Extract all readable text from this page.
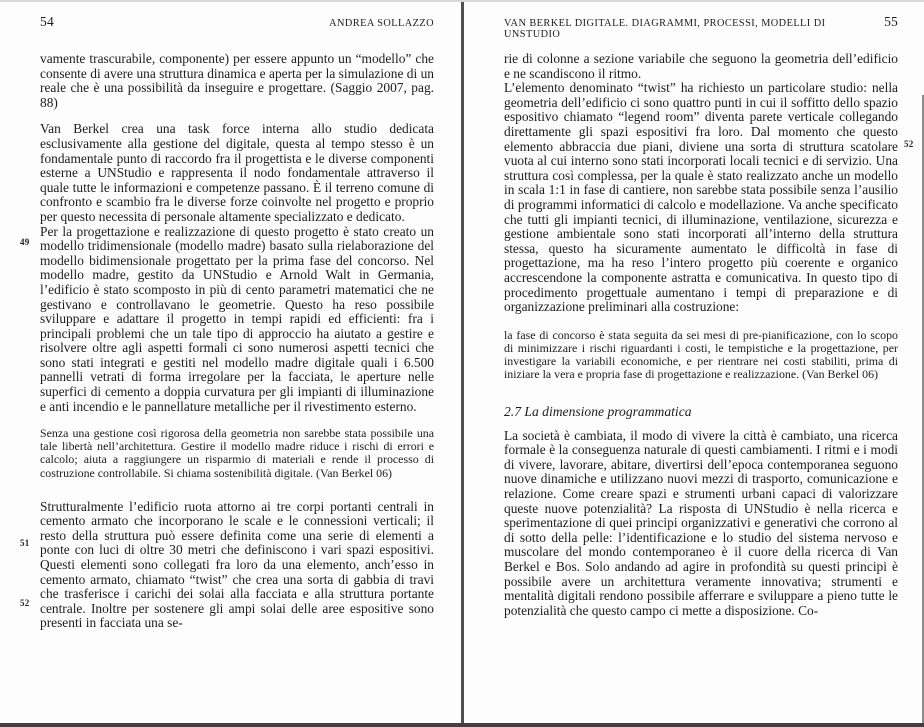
54	ANDREA SOLLAZZO

vamente trascurabile, componente) per essere appunto un “modello” che consente di avere una struttura dinamica e aperta per la simulazione di un reale che è una possibilità da inseguire e progettare. (Saggio 2007, pag. 88)

Van Berkel crea una task force interna allo studio dedicata esclusivamente alla gestione del digitale, questa al tempo stesso è un fondamentale punto di raccordo fra il progettista e le diverse componenti esterne a UNStudio e rappresenta il nodo fondamentale attraverso il quale tutte le informazioni e competenze passano. È il terreno comune di confronto e scambio fra le diverse forze coinvolte nel progetto e proprio per questo necessita di personale altamente specializzato e dedicato.

Per la progettazione e realizzazione di questo progetto è stato creato un modello tridimensionale (modello madre) basato sulla rielaborazione del modello bidimensionale progettato per la prima fase del concorso. Nel modello madre, gestito da UNStudio e Arnold Walt in Germania, l’edificio è stato scomposto in più di cento parametri matematici che ne gestivano e controllavano le geometrie. Questo ha reso possibile sviluppare e adattare il progetto in tempi rapidi ed efficienti: fra i principali problemi che un tale tipo di approccio ha aiutato a gestire e risolvere oltre agli aspetti formali ci sono numerosi aspetti tecnici che sono stati integrati e gestiti nel modello madre digitale quali i 6.500 pannelli vetrati di forma irregolare per la facciata, le aperture nelle superfici di cemento a doppia curvatura per gli impianti di illuminazione e anti incendio e le pannellature metalliche per il rivestimento esterno.

Senza una gestione così rigorosa della geometria non sarebbe stata possibile una tale libertà nell’architettura. Gestire il modello madre riduce i rischi di errori e calcolo; aiuta a raggiungere un risparmio di materiali e rende il processo di costruzione controllabile. Si chiama sostenibilità digitale. (Van Berkel 06)

Strutturalmente l’edificio ruota attorno ai tre corpi portanti centrali in cemento armato che incorporano le scale e le connessioni verticali; il resto della struttura può essere definita come una serie di elementi a ponte con luci di oltre 30 metri che definiscono i vari spazi espositivi. Questi elementi sono collegati fra loro da una elemento, anch’esso in cemento armato, chiamato “twist” che crea una sorta di gabbia di travi che trasferisce i carichi dei solai alla facciata e alla struttura portante centrale. Inoltre per sostenere gli ampi solai delle aree espositive sono presenti in facciata una se-

49
51
52
VAN BERKEL DIGITALE. DIAGRAMMI, PROCESSI, MODELLI DI UNSTUDIO
55

rie di colonne a sezione variabile che seguono la geometria dell’edificio e ne scandiscono il ritmo.

L’elemento denominato “twist” ha richiesto un particolare studio: nella geometria dell’edificio ci sono quattro punti in cui il soffitto dello spazio espositivo chiamato “legend room” diventa parete verticale collegando direttamente gli spazi espositivi fra loro. Dal momento che questo elemento abbraccia due piani, diviene una sorta di struttura scatolare vuota al cui interno sono stati incorporati locali tecnici e di servizio. Una struttura così complessa, per la quale è stato realizzato anche un modello in scala 1:1 in fase di cantiere, non sarebbe stata possibile senza l’ausilio di programmi informatici di calcolo e modellazione. Va anche specificato che tutti gli impianti tecnici, di illuminazione, ventilazione, sicurezza e gestione ambientale sono stati incorporati all’interno della struttura stessa, questo ha sicuramente aumentato le difficoltà in fase di progettazione, ma ha reso l’intero progetto più coerente e organico accrescendone la componente astratta e comunicativa. In questo tipo di procedimento progettuale aumentano i tempi di preparazione e di organizzazione preliminari alla costruzione:

la fase di concorso è stata seguita da sei mesi di pre-pianificazione, con lo scopo di minimizzare i rischi riguardanti i costi, le tempistiche e la progettazione, per investigare la variabili economiche, e per rientrare nei costi stabiliti, prima di iniziare la vera e propria fase di progettazione e realizzazione. (Van Berkel 06)

2.7 La dimensione programmatica

La società è cambiata, il modo di vivere la città è cambiato, una ricerca formale è la conseguenza naturale di questi cambiamenti. I ritmi e i modi di vivere, lavorare, abitare, divertirsi dell’epoca contemporanea seguono nuove dinamiche e utilizzano nuovi mezzi di trasporto, comunicazione e relazione. Come creare spazi e strumenti urbani capaci di valorizzare queste nuove potenzialità? La risposta di UNStudio è nella ricerca e sperimentazione di quei principi organizzativi e generativi che corrono al di sotto della pelle: l’identificazione e lo studio del sistema nervoso e muscolare del mondo contemporaneo è il cuore della ricerca di Van Berkel e Bos. Solo andando ad agire in profondità su questi principi è possibile avere un architettura veramente innovativa; strumenti e mentalità digitali rendono possibile afferrare e sviluppare a pieno tutte le potenzialità che questo campo ci mette a disposizione. Co-

52
